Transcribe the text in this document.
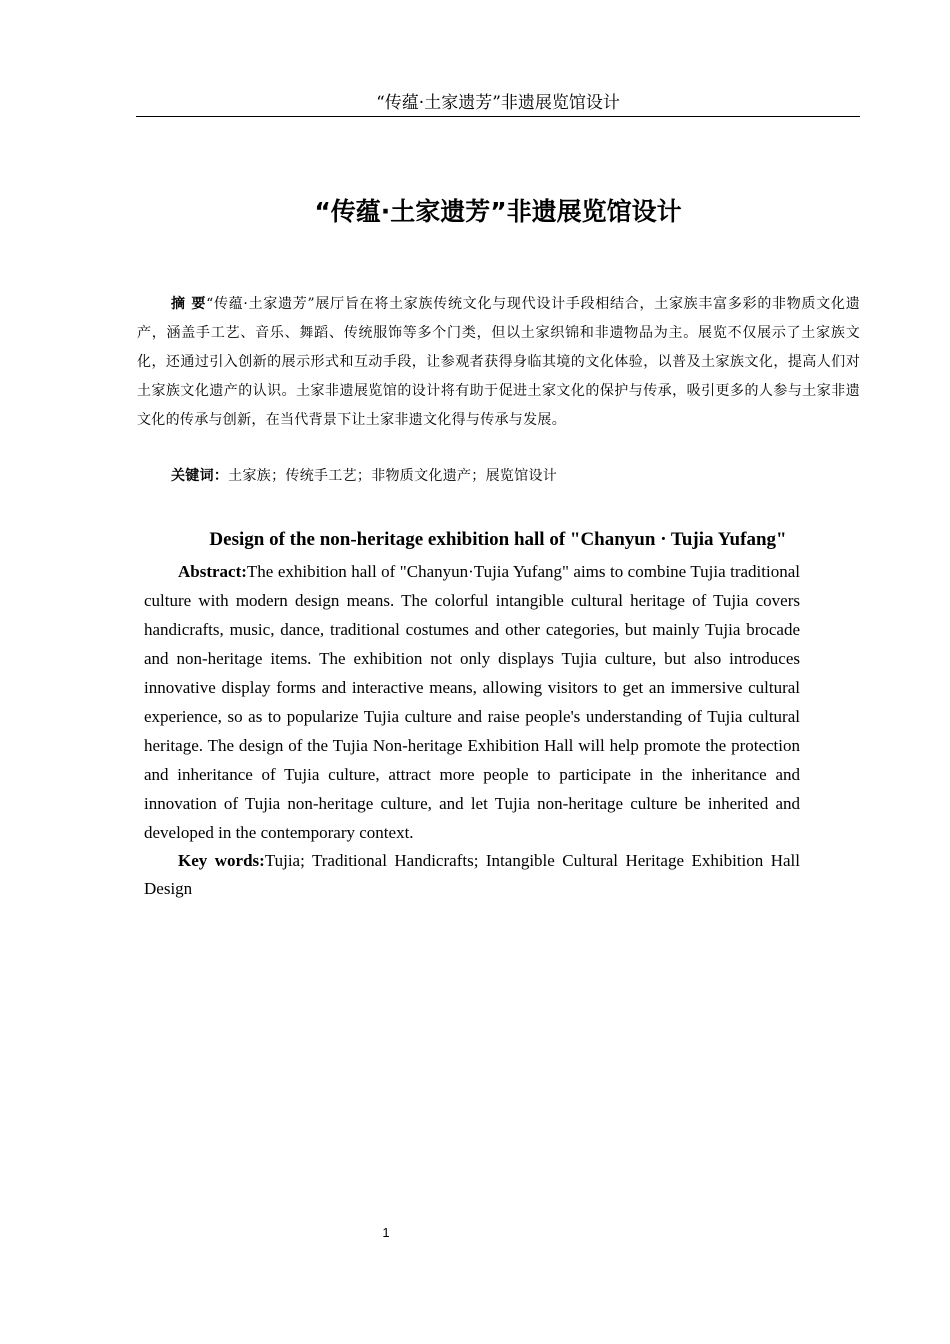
“传蕴·土家遗芳”非遗展览馆设计
“传蕴·土家遗芳”非遗展览馆设计

摘 要“传蕴·土家遗芳”展厅旨在将土家族传统文化与现代设计手段相结合，土家族丰富多彩的非物质文化遗产，涵盖手工艺、音乐、舞蹈、传统服饰等多个门类，但以土家织锦和非遗物品为主。展览不仅展示了土家族文化，还通过引入创新的展示形式和互动手段，让参观者获得身临其境的文化体验，以普及土家族文化，提高人们对土家族文化遗产的认识。土家非遗展览馆的设计将有助于促进土家文化的保护与传承，吸引更多的人参与土家非遗文化的传承与创新，在当代背景下让土家非遗文化得与传承与发展。

关键词：土家族；传统手工艺；非物质文化遗产；展览馆设计

Design of the non-heritage exhibition hall of "Chanyun · Tujia Yufang"

Abstract:The exhibition hall of "Chanyun·Tujia Yufang" aims to combine Tujia traditional culture with modern design means. The colorful intangible cultural heritage of Tujia covers handicrafts, music, dance, traditional costumes and other categories, but mainly Tujia brocade and non-heritage items. The exhibition not only displays Tujia culture, but also introduces innovative display forms and interactive means, allowing visitors to get an immersive cultural experience, so as to popularize Tujia culture and raise people's understanding of Tujia cultural heritage. The design of the Tujia Non-heritage Exhibition Hall will help promote the protection and inheritance of Tujia culture, attract more people to participate in the inheritance and innovation of Tujia non-heritage culture, and let Tujia non-heritage culture be inherited and developed in the contemporary context.

Key words:Tujia; Traditional Handicrafts; Intangible Cultural Heritage Exhibition Hall Design

1
